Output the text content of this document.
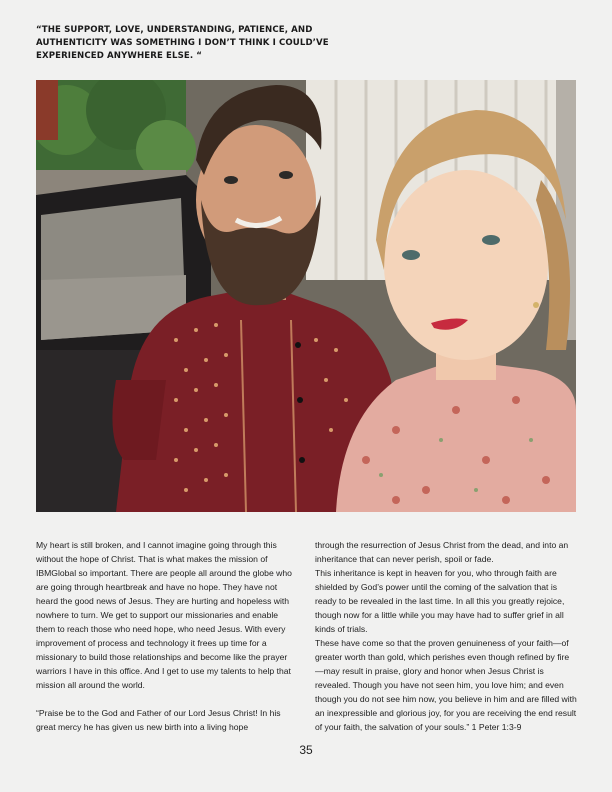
“THE SUPPORT, LOVE, UNDERSTANDING, PATIENCE, AND AUTHENTICITY WAS SOMETHING I DON’T THINK I COULD’VE EXPERIENCED ANYWHERE ELSE. “

My heart is still broken, and I cannot imagine going through this without the hope of Christ. That is what makes the mission of IBMGlobal so important. There are people all around the globe who are going through heartbreak and have no hope. They have not heard the good news of Jesus. They are hurting and hopeless with nowhere to turn. We get to support our missionaries and enable them to reach those who need hope, who need Jesus. With every improvement of process and technology it frees up time for a missionary to build those relationships and become like the prayer warriors I have in this office. And I get to use my talents to help that mission all around the world.

“Praise be to the God and Father of our Lord Jesus Christ! In his great mercy he has given us new birth into a living hope

through the resurrection of Jesus Christ from the dead, and into an inheritance that can never perish, spoil or fade.
This inheritance is kept in heaven for you, who through faith are shielded by God’s power until the coming of the salvation that is ready to be revealed in the last time. In all this you greatly rejoice, though now for a little while you may have had to suffer grief in all kinds of trials.

These have come so that the proven genuineness of your faith—of greater worth than gold, which perishes even though refined by fire—may result in praise, glory and honor when Jesus Christ is revealed. Though you have not seen him, you love him; and even though you do not see him now, you believe in him and are filled with an inexpressible and glorious joy, for you are receiving the end result of your faith, the salvation of your souls.” 1 Peter 1:3-9

35
